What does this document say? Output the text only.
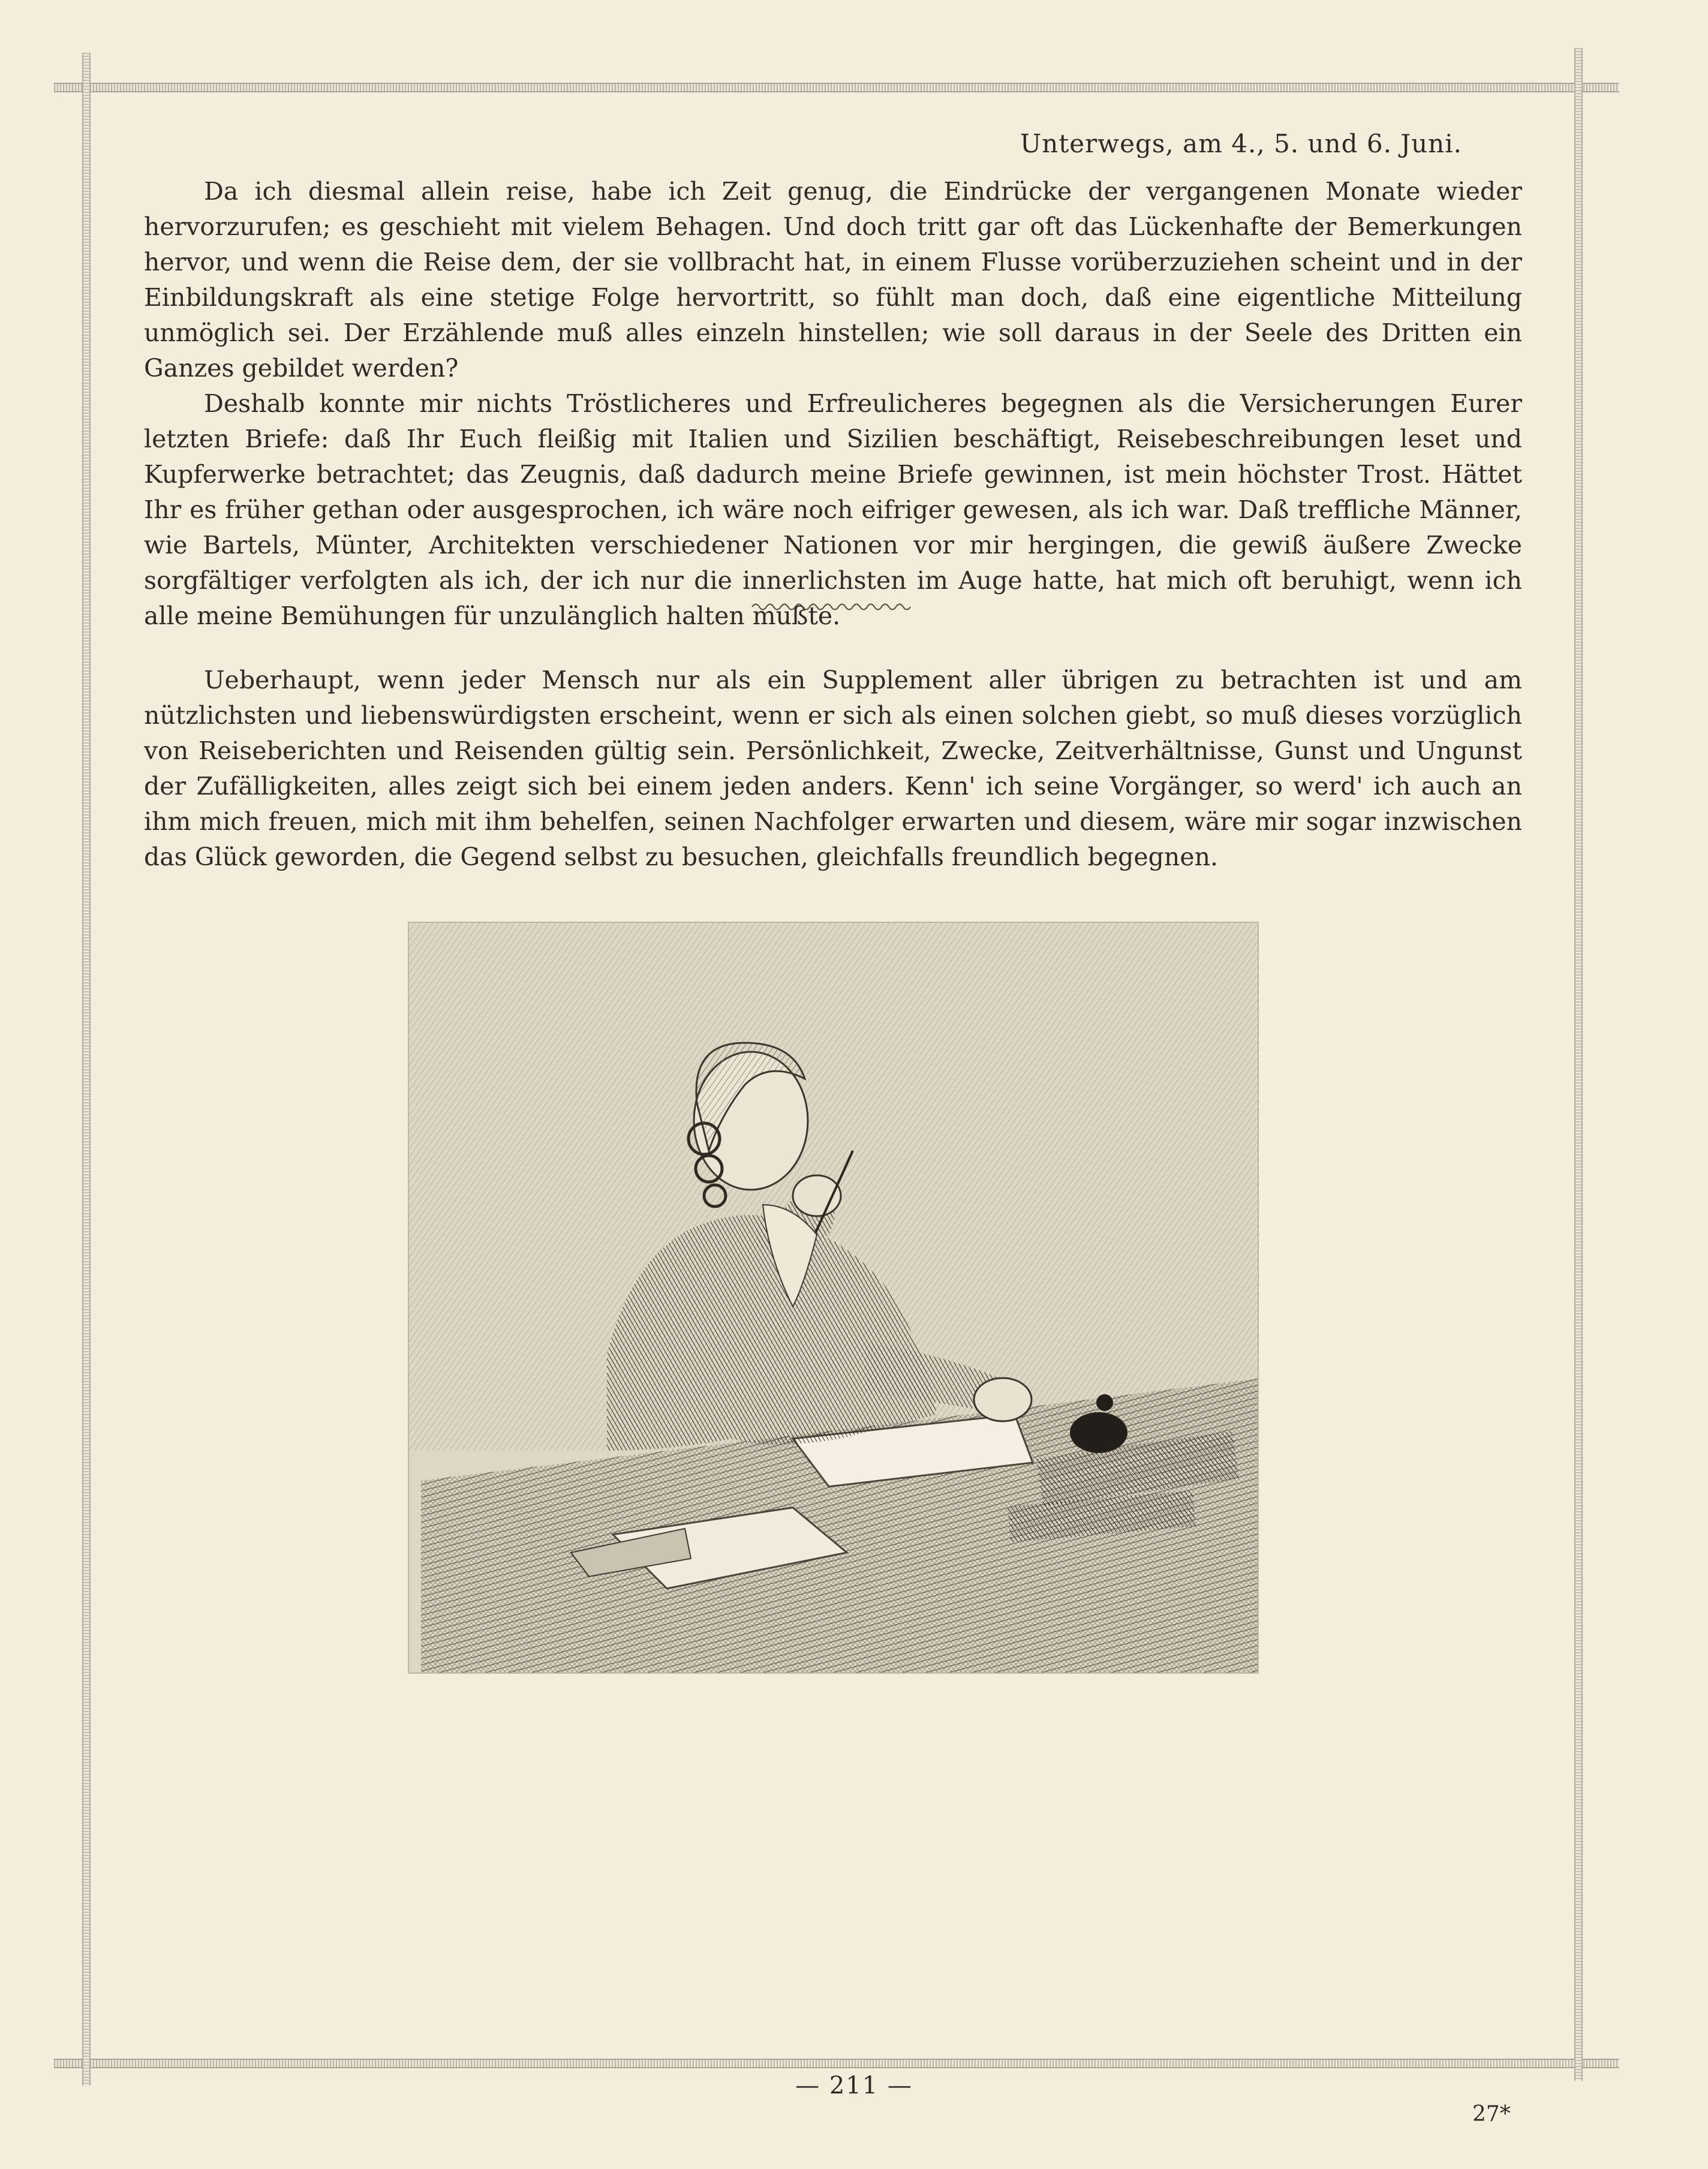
Unterwegs, am 4., 5. und 6. Juni.

Da ich diesmal allein reise, habe ich Zeit genug, die Eindrücke der vergangenen Monate wieder hervorzurufen; es geschieht mit vielem Behagen. Und doch tritt gar oft das Lückenhafte der Bemerkungen hervor, und wenn die Reise dem, der sie vollbracht hat, in einem Flusse vorüberzuziehen scheint und in der Einbildungskraft als eine stetige Folge hervortritt, so fühlt man doch, daß eine eigentliche Mitteilung unmöglich sei. Der Erzählende muß alles einzeln hinstellen; wie soll daraus in der Seele des Dritten ein Ganzes gebildet werden?

Deshalb konnte mir nichts Tröstlicheres und Erfreulicheres begegnen als die Versicherungen Eurer letzten Briefe: daß Ihr Euch fleißig mit Italien und Sizilien beschäftigt, Reisebeschreibungen leset und Kupferwerke betrachtet; das Zeugnis, daß dadurch meine Briefe gewinnen, ist mein höchster Trost. Hättet Ihr es früher gethan oder ausgesprochen, ich wäre noch eifriger gewesen, als ich war. Daß treffliche Männer, wie Bartels, Münter, Architekten verschiedener Nationen vor mir hergingen, die gewiß äußere Zwecke sorgfältiger verfolgten als ich, der ich nur die innerlichsten im Auge hatte, hat mich oft beruhigt, wenn ich alle meine Bemühungen für unzulänglich halten mußte.

Ueberhaupt, wenn jeder Mensch nur als ein Supplement aller übrigen zu betrachten ist und am nützlichsten und liebenswürdigsten erscheint, wenn er sich als einen solchen giebt, so muß dieses vorzüglich von Reiseberichten und Reisenden gültig sein. Persönlichkeit, Zwecke, Zeitverhältnisse, Gunst und Ungunst der Zufälligkeiten, alles zeigt sich bei einem jeden anders. Kenn' ich seine Vorgänger, so werd' ich auch an ihm mich freuen, mich mit ihm behelfen, seinen Nachfolger erwarten und diesem, wäre mir sogar inzwischen das Glück geworden, die Gegend selbst zu besuchen, gleichfalls freundlich begegnen.

— 211 —
27*
